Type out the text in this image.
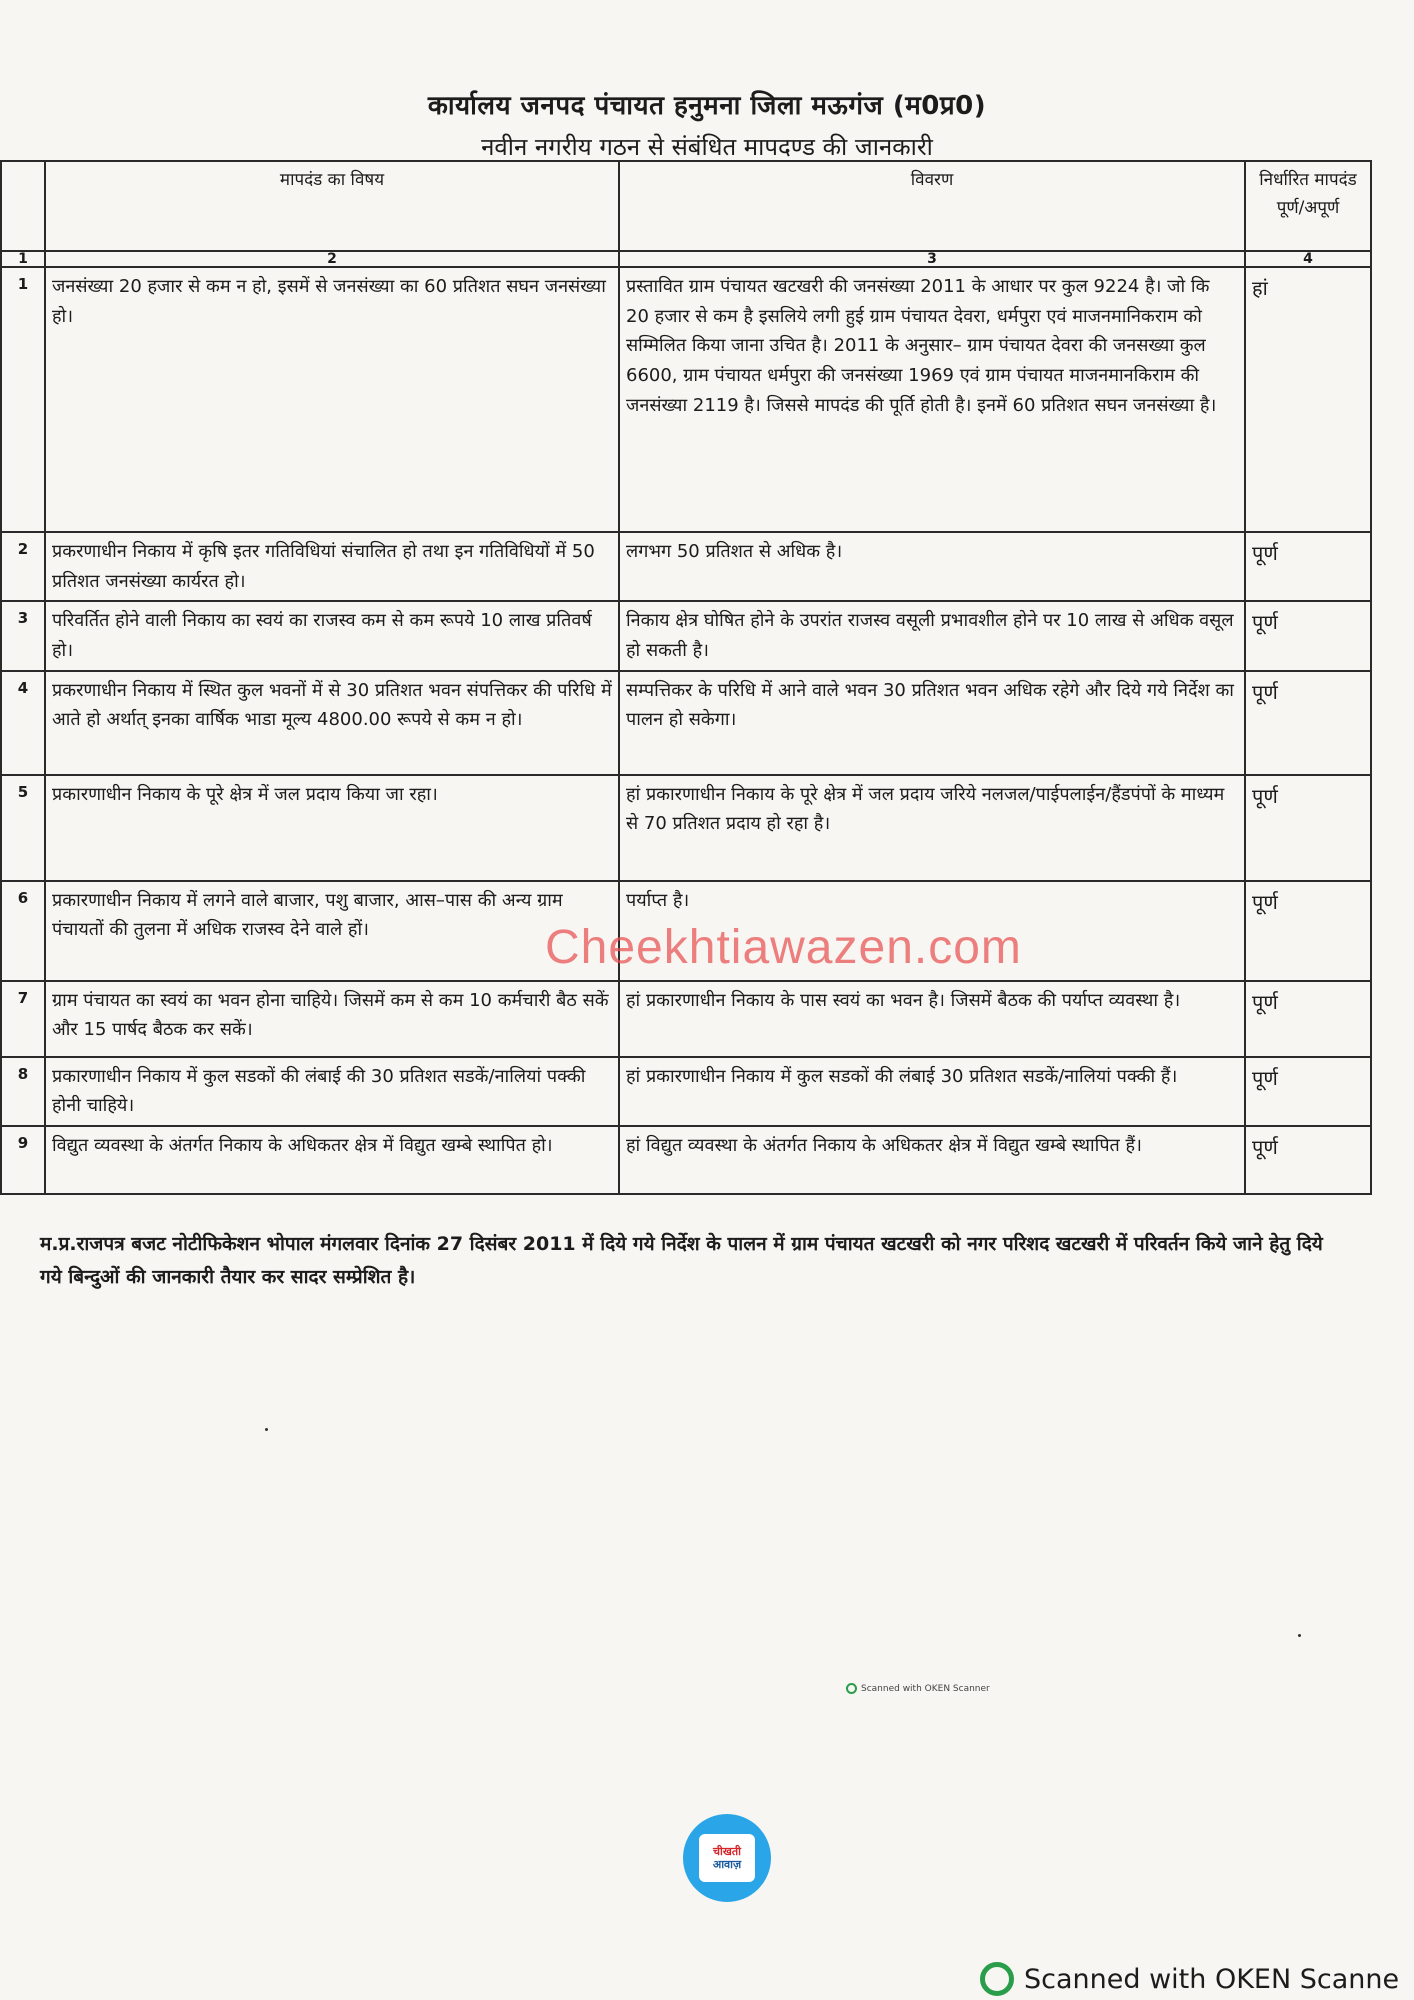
कार्यालय जनपद पंचायत हनुमना जिला मऊगंज (म0प्र0)
नवीन नगरीय गठन से संबंधित मापदण्ड की जानकारी
	मापदंड का विषय	विवरण	निर्धारित मापदंड पूर्ण/अपूर्ण
1	2	3	4
1	जनसंख्या 20 हजार से कम न हो, इसमें से जनसंख्या का 60 प्रतिशत सघन जनसंख्या हो।	प्रस्तावित ग्राम पंचायत खटखरी की जनसंख्या 2011 के आधार पर कुल 9224 है। जो कि 20 हजार से कम है इसलिये लगी हुई ग्राम पंचायत देवरा, धर्मपुरा एवं माजनमानिकराम को सम्मिलित किया जाना उचित है। 2011 के अनुसार– ग्राम पंचायत देवरा की जनसख्या कुल 6600, ग्राम पंचायत धर्मपुरा की जनसंख्या 1969 एवं ग्राम पंचायत माजनमानकिराम की जनसंख्या 2119 है। जिससे मापदंड की पूर्ति होती है। इनमें 60 प्रतिशत सघन जनसंख्या है।	हां
2	प्रकरणाधीन निकाय में कृषि इतर गतिविधियां संचालित हो तथा इन गतिविधियों में 50 प्रतिशत जनसंख्या कार्यरत हो।	लगभग 50 प्रतिशत से अधिक है।	पूर्ण
3	परिवर्तित होने वाली निकाय का स्वयं का राजस्व कम से कम रूपये 10 लाख प्रतिवर्ष हो।	निकाय क्षेत्र घोषित होने के उपरांत राजस्व वसूली प्रभावशील होने पर 10 लाख से अधिक वसूल हो सकती है।	पूर्ण
4	प्रकरणाधीन निकाय में स्थित कुल भवनों में से 30 प्रतिशत भवन संपत्तिकर की परिधि में आते हो अर्थात् इनका वार्षिक भाडा मूल्य 4800.00 रूपये से कम न हो।	सम्पत्तिकर के परिधि में आने वाले भवन 30 प्रतिशत भवन अधिक रहेगे और दिये गये निर्देश का पालन हो सकेगा।	पूर्ण
5	प्रकारणाधीन निकाय के पूरे क्षेत्र में जल प्रदाय किया जा रहा।	हां प्रकारणाधीन निकाय के पूरे क्षेत्र में जल प्रदाय जरिये नलजल/पाईपलाईन/हैंडपंपों के माध्यम से 70 प्रतिशत प्रदाय हो रहा है।	पूर्ण
6	प्रकारणाधीन निकाय में लगने वाले बाजार, पशु बाजार, आस–पास की अन्य ग्राम पंचायतों की तुलना में अधिक राजस्व देने वाले हों।	पर्याप्त है।	पूर्ण
7	ग्राम पंचायत का स्वयं का भवन होना चाहिये। जिसमें कम से कम 10 कर्मचारी बैठ सकें और 15 पार्षद बैठक कर सकें।	हां प्रकारणाधीन निकाय के पास स्वयं का भवन है। जिसमें बैठक की पर्याप्त व्यवस्था है।	पूर्ण
8	प्रकारणाधीन निकाय में कुल सडकों की लंबाई की 30 प्रतिशत सडकें/नालियां पक्की होनी चाहिये।	हां प्रकारणाधीन निकाय में कुल सडकों की लंबाई 30 प्रतिशत सडकें/नालियां पक्की हैं।	पूर्ण
9	विद्युत व्यवस्था के अंतर्गत निकाय के अधिकतर क्षेत्र में विद्युत खम्बे स्थापित हो।	हां विद्युत व्यवस्था के अंतर्गत निकाय के अधिकतर क्षेत्र में विद्युत खम्बे स्थापित हैं।	पूर्ण
Cheekhtiawazen.com
म.प्र.राजपत्र बजट नोटीफिकेशन भोपाल मंगलवार दिनांक 27 दिसंबर 2011 में दिये गये निर्देश के पालन में ग्राम पंचायत खटखरी को नगर परिशद खटखरी में परिवर्तन किये जाने हेतु दिये गये बिन्दुओं की जानकारी तैयार कर सादर सम्प्रेशित है।
Scanned with OKEN Scanner
चीखती
आवाज़
Scanned with OKEN Scanne
